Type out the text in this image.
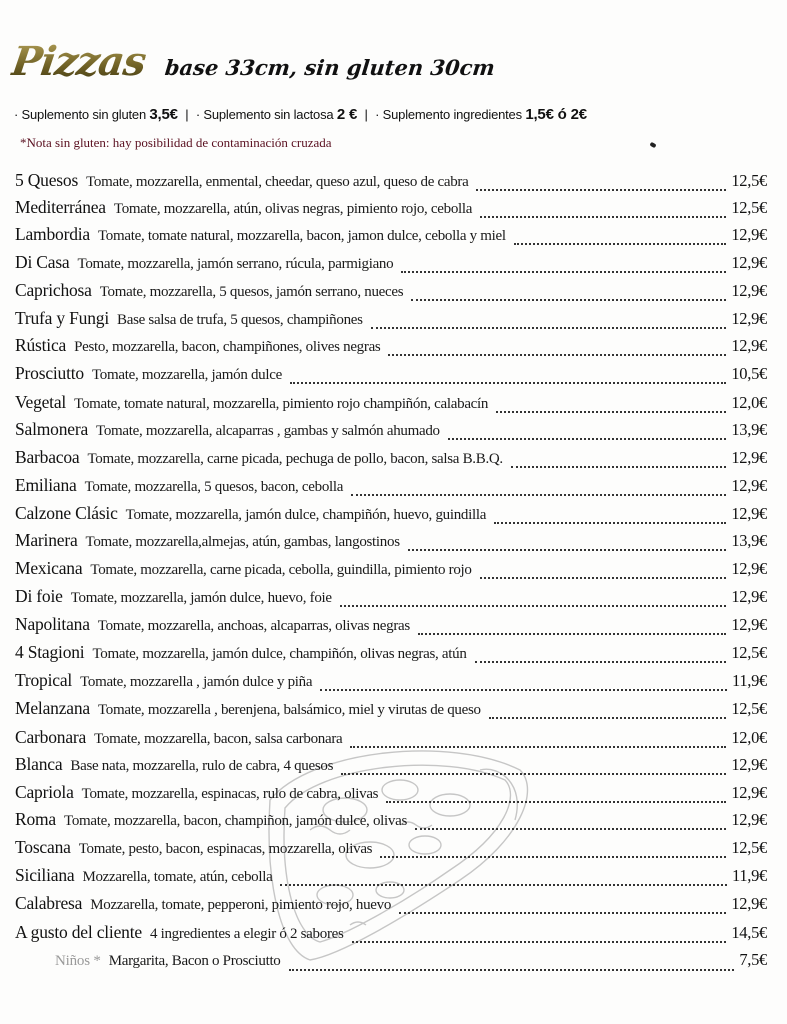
Pizzas base 33cm, sin gluten 30cm
· Suplemento sin gluten 3,5€ | · Suplemento sin lactosa 2 € | · Suplemento ingredientes 1,5€ ó 2€
*Nota sin gluten: hay posibilidad de contaminación cruzada
5 Quesos Tomate, mozzarella, enmental, cheedar, queso azul, queso de cabra	12,5€
Mediterránea Tomate, mozzarella, atún, olivas negras, pimiento rojo, cebolla	12,5€
Lambordia Tomate, tomate natural, mozzarella, bacon, jamon dulce, cebolla y miel	12,9€
Di Casa Tomate, mozzarella, jamón serrano, rúcula, parmigiano	12,9€
Caprichosa Tomate, mozzarella, 5 quesos, jamón serrano, nueces	12,9€
Trufa y Fungi Base salsa de trufa, 5 quesos, champiñones	12,9€
Rústica Pesto, mozzarella, bacon, champiñones, olives negras	12,9€
Prosciutto Tomate, mozzarella, jamón dulce	10,5€
Vegetal Tomate, tomate natural, mozzarella, pimiento rojo champiñón, calabacín	12,0€
Salmonera Tomate, mozzarella, alcaparras , gambas y salmón ahumado	13,9€
Barbacoa Tomate, mozzarella, carne picada, pechuga de pollo, bacon, salsa B.B.Q.	12,9€
Emiliana Tomate, mozzarella, 5 quesos, bacon, cebolla	12,9€
Calzone Clásic Tomate, mozzarella, jamón dulce, champiñón, huevo, guindilla	12,9€
Marinera Tomate, mozzarella,almejas, atún, gambas, langostinos	13,9€
Mexicana Tomate, mozzarella, carne picada, cebolla, guindilla, pimiento rojo	12,9€
Di foie Tomate, mozzarella, jamón dulce, huevo, foie	12,9€
Napolitana Tomate, mozzarella, anchoas, alcaparras, olivas negras	12,9€
4 Stagioni Tomate, mozzarella, jamón dulce, champiñón, olivas negras, atún	12,5€
Tropical Tomate, mozzarella , jamón dulce y piña	11,9€
Melanzana Tomate, mozzarella , berenjena, balsámico, miel y virutas de queso	12,5€
Carbonara Tomate, mozzarella, bacon, salsa carbonara	12,0€
Blanca Base nata, mozzarella, rulo de cabra, 4 quesos	12,9€
Capriola Tomate, mozzarella, espinacas, rulo de cabra, olivas	12,9€
Roma Tomate, mozzarella, bacon, champiñon, jamón dulce, olivas	12,9€
Toscana Tomate, pesto, bacon, espinacas, mozzarella, olivas	12,5€
Siciliana Mozzarella, tomate, atún, cebolla	11,9€
Calabresa Mozzarella, tomate, pepperoni, pimiento rojo, huevo	12,9€
A gusto del cliente 4 ingredientes a elegir ó 2 sabores	14,5€
Niños * Margarita, Bacon o Prosciutto	7,5€
